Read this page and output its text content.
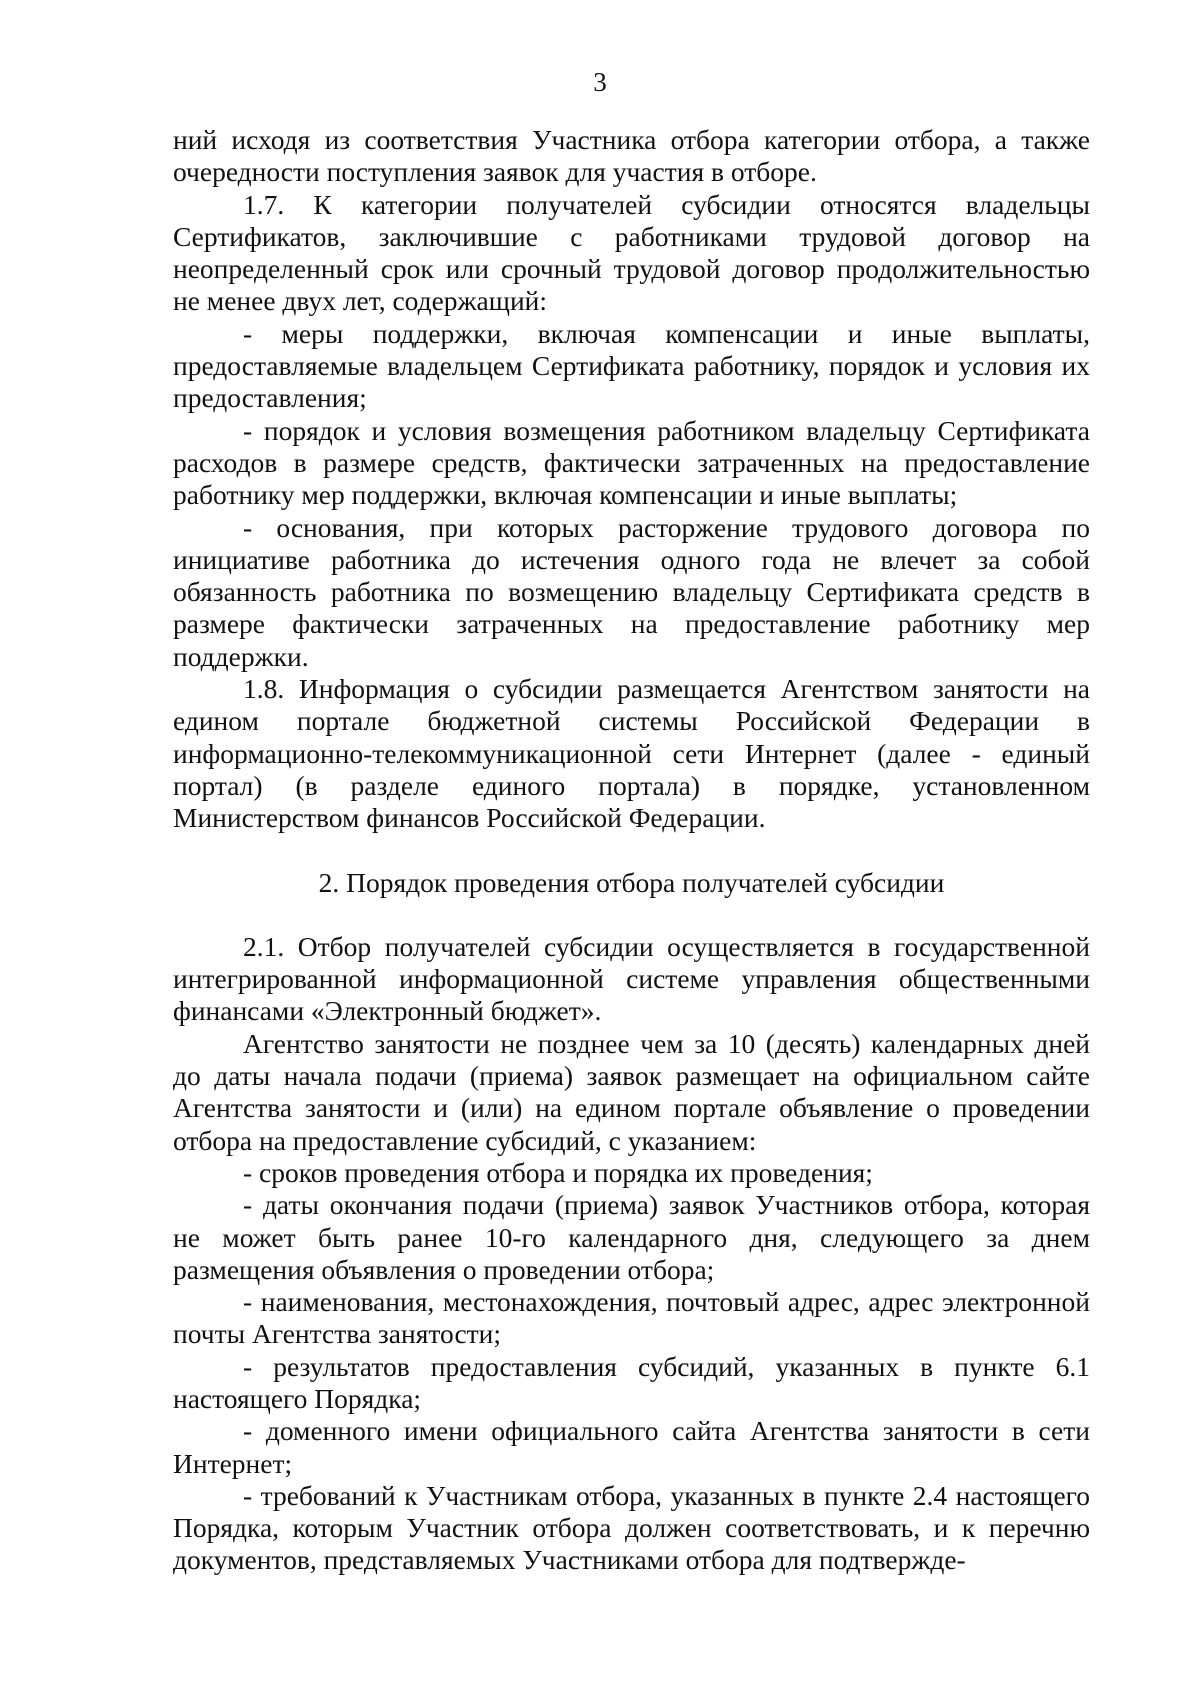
3

ний исходя из соответствия Участника отбора категории отбора, а также очередности поступления заявок для участия в отборе.

1.7. К категории получателей субсидии относятся владельцы Сертификатов, заключившие с работниками трудовой договор на неопределенный срок или срочный трудовой договор продолжительностью не менее двух лет, содержащий:

- меры поддержки, включая компенсации и иные выплаты, предоставляемые владельцем Сертификата работнику, порядок и условия их предоставления;

- порядок и условия возмещения работником владельцу Сертификата расходов в размере средств, фактически затраченных на предоставление работнику мер поддержки, включая компенсации и иные выплаты;

- основания, при которых расторжение трудового договора по инициативе работника до истечения одного года не влечет за собой обязанность работника по возмещению владельцу Сертификата средств в размере фактически затраченных на предоставление работнику мер поддержки.

1.8. Информация о субсидии размещается Агентством занятости на едином портале бюджетной системы Российской Федерации в информационно-телекоммуникационной сети Интернет (далее - единый портал) (в разделе единого портала) в порядке, установленном Министерством финансов Российской Федерации.

2. Порядок проведения отбора получателей субсидии

2.1. Отбор получателей субсидии осуществляется в государственной интегрированной информационной системе управления общественными финансами «Электронный бюджет».

Агентство занятости не позднее чем за 10 (десять) календарных дней до даты начала подачи (приема) заявок размещает на официальном сайте Агентства занятости и (или) на едином портале объявление о проведении отбора на предоставление субсидий, с указанием:

- сроков проведения отбора и порядка их проведения;

- даты окончания подачи (приема) заявок Участников отбора, которая не может быть ранее 10-го календарного дня, следующего за днем размещения объявления о проведении отбора;

- наименования, местонахождения, почтовый адрес, адрес электронной почты Агентства занятости;

- результатов предоставления субсидий, указанных в пункте 6.1 настоящего Порядка;

- доменного имени официального сайта Агентства занятости в сети Интернет;

- требований к Участникам отбора, указанных в пункте 2.4 настоящего Порядка, которым Участник отбора должен соответствовать, и к перечню документов, представляемых Участниками отбора для подтвержде-
